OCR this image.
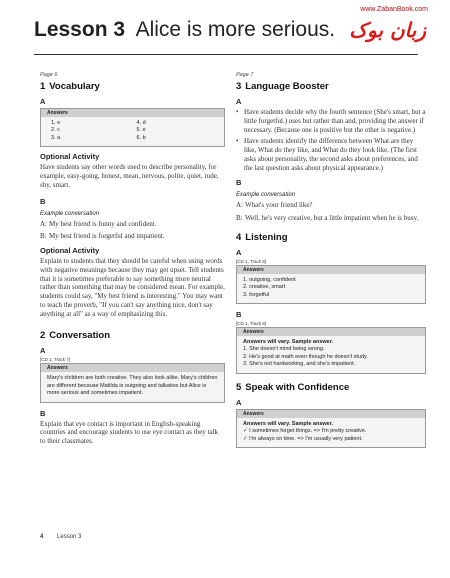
Lesson 3 Alice is more serious.
www.ZabanBook.com
زبان بوک
Page 6
1 Vocabulary
A
Answers
1. e	4. d
2. c	5. e
3. a	6. b
Optional Activity
Have students say other words used to describe personality, for example, easy-going, honest, mean, nervous, polite, quiet, rude, shy, smart.
B
Example conversation
A: My best friend is funny and confident.
B: My best friend is forgetful and impatient.
Optional Activity
Explain to students that they should be careful when using words with negative meanings because they may get upset. Tell students that it is sometimes preferable to say something more neutral rather than something that may be considered mean. For example, students could say, "My best friend is interesting." You may want to teach the proverb, "If you can't say anything nice, don't say anything at all" as a way of emphasizing this.
2 Conversation
A
[CD 1, Track 7]
Answers
Mary's children are both creative. They also look alike. Mary's children are different because Matilda is outgoing and talkative but Alice is more serious and sometimes impatient.
B
Explain that eye contact is important in English-speaking countries and encourage students to use eye contact as they talk to their classmates.
Page 7
3 Language Booster
A
• Have students decide why the fourth sentence (She's smart, but a little forgetful.) uses but rather than and, providing the answer if necessary. (Because one is positive but the other is negative.)
• Have students identify the difference between What are they like, What do they like, and What do they look like. (The first asks about personality, the second asks about preferences, and the last question asks about physical appearance.)
B
Example conversation
A: What's your friend like?
B: Well, he's very creative, but a little impatient when he is busy.
4 Listening
A
[CD 1, Track 8]
Answers
1. outgoing, confident
2. creative, smart
3. forgetful
B
[CD 1, Track 8]
Answers
Answers will vary. Sample answer.
1. She doesn't mind being wrong.
2. He's good at math even though he doesn't study.
3. She's not hardworking, and she's impatient.
5 Speak with Confidence
A
Answers
Answers will vary. Sample answer.
✓ I sometimes forget things. => I'm pretty creative.
✓ I'm always on time. => I'm usually very patient.
4 Lesson 3
